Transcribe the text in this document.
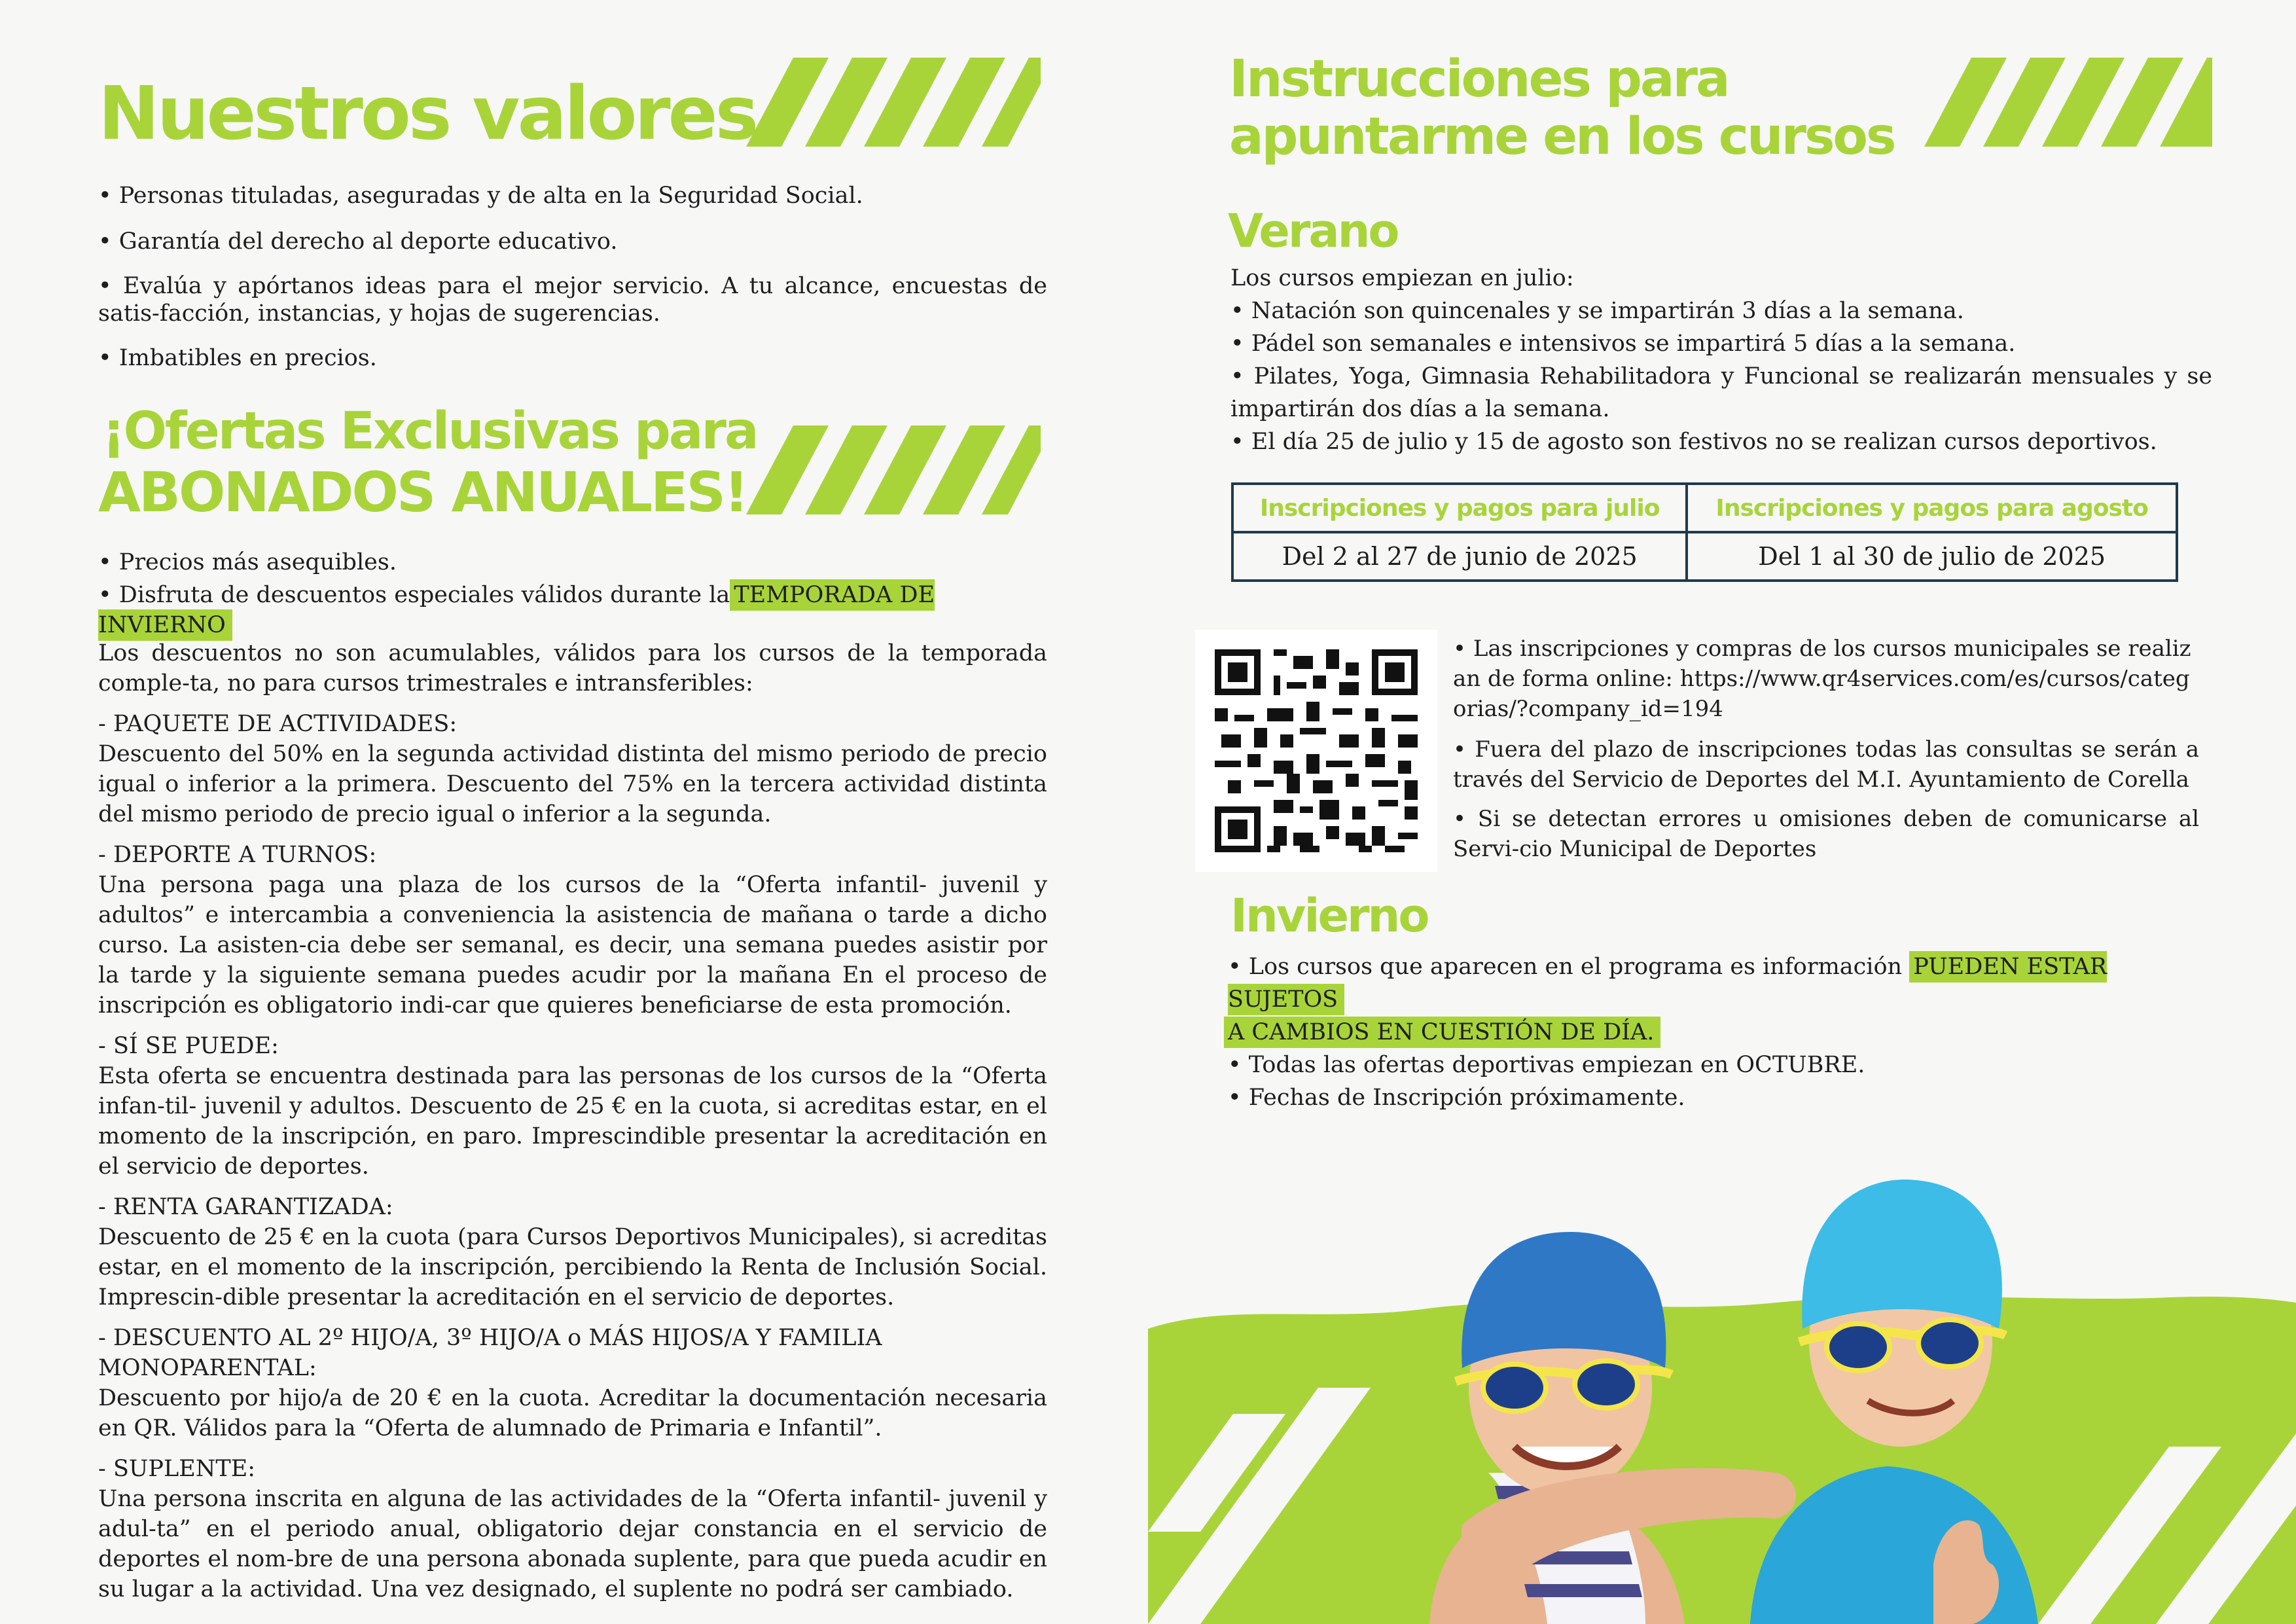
Nuestros valores

• Personas tituladas, aseguradas y de alta en la Seguridad Social.

• Garantía del derecho al deporte educativo.

• Evalúa y apórtanos ideas para el mejor servicio. A tu alcance, encuestas de satis-facción, instancias, y hojas de sugerencias.

• Imbatibles en precios.

¡Ofertas Exclusivas para
ABONADOS ANUALES!

• Precios más asequibles.

• Disfruta de descuentos especiales válidos durante la TEMPORADA DE INVIERNO

Los descuentos no son acumulables, válidos para los cursos de la temporada comple-ta, no para cursos trimestrales e intransferibles:

- PAQUETE DE ACTIVIDADES:

Descuento del 50% en la segunda actividad distinta del mismo periodo de precio igual o inferior a la primera. Descuento del 75% en la tercera actividad distinta del mismo periodo de precio igual o inferior a la segunda.

- DEPORTE A TURNOS:

Una persona paga una plaza de los cursos de la “Oferta infantil- juvenil y adultos” e intercambia a conveniencia la asistencia de mañana o tarde a dicho curso. La asisten-cia debe ser semanal, es decir, una semana puedes asistir por la tarde y la siguiente semana puedes acudir por la mañana En el proceso de inscripción es obligatorio indi-car que quieres beneficiarse de esta promoción.

- SÍ SE PUEDE:

Esta oferta se encuentra destinada para las personas de los cursos de la “Oferta infan-til- juvenil y adultos. Descuento de 25 € en la cuota, si acreditas estar, en el momento de la inscripción, en paro. Imprescindible presentar la acreditación en el servicio de deportes.

- RENTA GARANTIZADA:

Descuento de 25 € en la cuota (para Cursos Deportivos Municipales), si acreditas estar, en el momento de la inscripción, percibiendo la Renta de Inclusión Social. Imprescin-dible presentar la acreditación en el servicio de deportes.

- DESCUENTO AL 2º HIJO/A, 3º HIJO/A o MÁS HIJOS/A Y FAMILIA MONOPARENTAL:

Descuento por hijo/a de 20 € en la cuota. Acreditar la documentación necesaria en QR. Válidos para la “Oferta de alumnado de Primaria e Infantil”.

- SUPLENTE:

Una persona inscrita en alguna de las actividades de la “Oferta infantil- juvenil y adul-ta” en el periodo anual, obligatorio dejar constancia en el servicio de deportes el nom-bre de una persona abonada suplente, para que pueda acudir en su lugar a la actividad. Una vez designado, el suplente no podrá ser cambiado.

Instrucciones para
apuntarme en los cursos
Verano

Los cursos empiezan en julio:

• Natación son quincenales y se impartirán 3 días a la semana.

• Pádel son semanales e intensivos se impartirá 5 días a la semana.

• Pilates, Yoga, Gimnasia Rehabilitadora y Funcional se realizarán mensuales y se impartirán dos días a la semana.

• El día 25 de julio y 15 de agosto son festivos no se realizan cursos deportivos.

Inscripciones y pagos para julio	Inscripciones y pagos para agosto
Del 2 al 27 de junio de 2025	Del 1 al 30 de julio de 2025

• Las inscripciones y compras de los cursos municipales se realizan de forma online: https://www.qr4services.com/es/cursos/categorias/?company_id=194

• Fuera del plazo de inscripciones todas las consultas se serán a través del Servicio de Deportes del M.I. Ayuntamiento de Corella

• Si se detectan errores u omisiones deben de comunicarse al Servi-cio Municipal de Deportes

Invierno

• Los cursos que aparecen en el programa es información PUEDEN ESTAR SUJETOS
A CAMBIOS EN CUESTIÓN DE DÍA.

• Todas las ofertas deportivas empiezan en OCTUBRE.

• Fechas de Inscripción próximamente.
